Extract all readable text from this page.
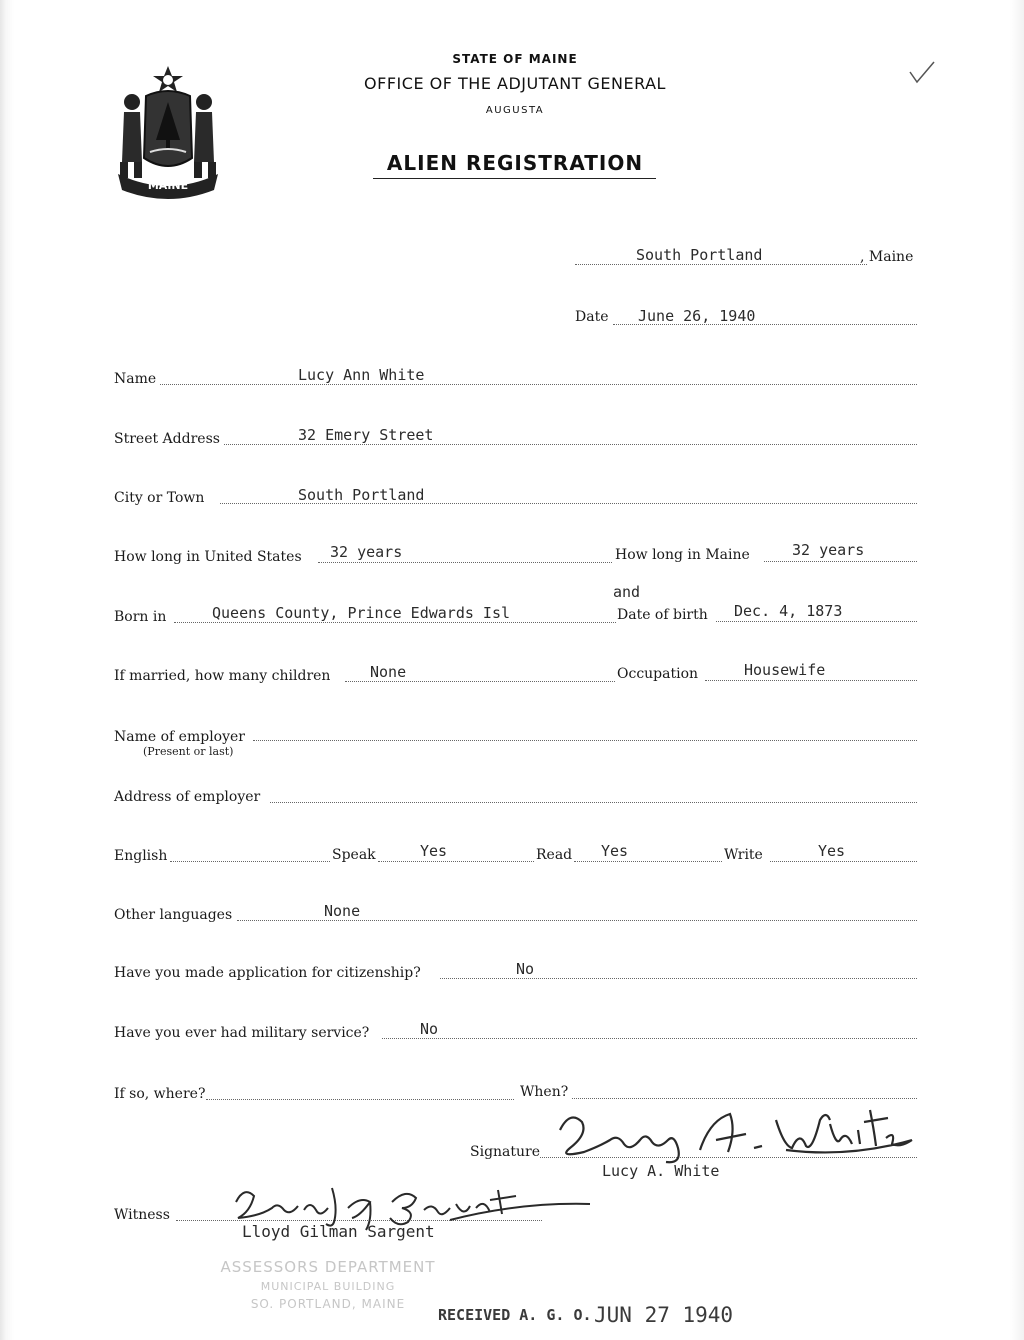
MAINE
STATE OF MAINE
OFFICE OF THE ADJUTANT GENERAL
AUGUSTA
ALIEN REGISTRATION
South Portland	, Maine
Date June 26, 1940
Name	Lucy Ann White
Street Address	32 Emery Street
City or Town	South Portland
How long in United States 32 years	How long in Maine	32 years
and
Born in	Queens County, Prince Edwards Isl	Date of birth Dec. 4, 1873
If married, how many children	None	Occupation	Housewife
Name of employer
(Present or last)
Address of employer
English	Speak	Yes	Read Yes	Write	Yes
Other languages	None
Have you made application for citizenship?	No
Have you ever had military service?	No
If so, where?	When?
Signature
Lucy A. White
Lucy A. White
Witness	Lloyd G. Sargent
Lloyd Gilman Sargent
ASSESSORS DEPARTMENT
MUNICIPAL BUILDING
SO. PORTLAND, MAINE
RECEIVED A. G. O. JUN 27 1940
